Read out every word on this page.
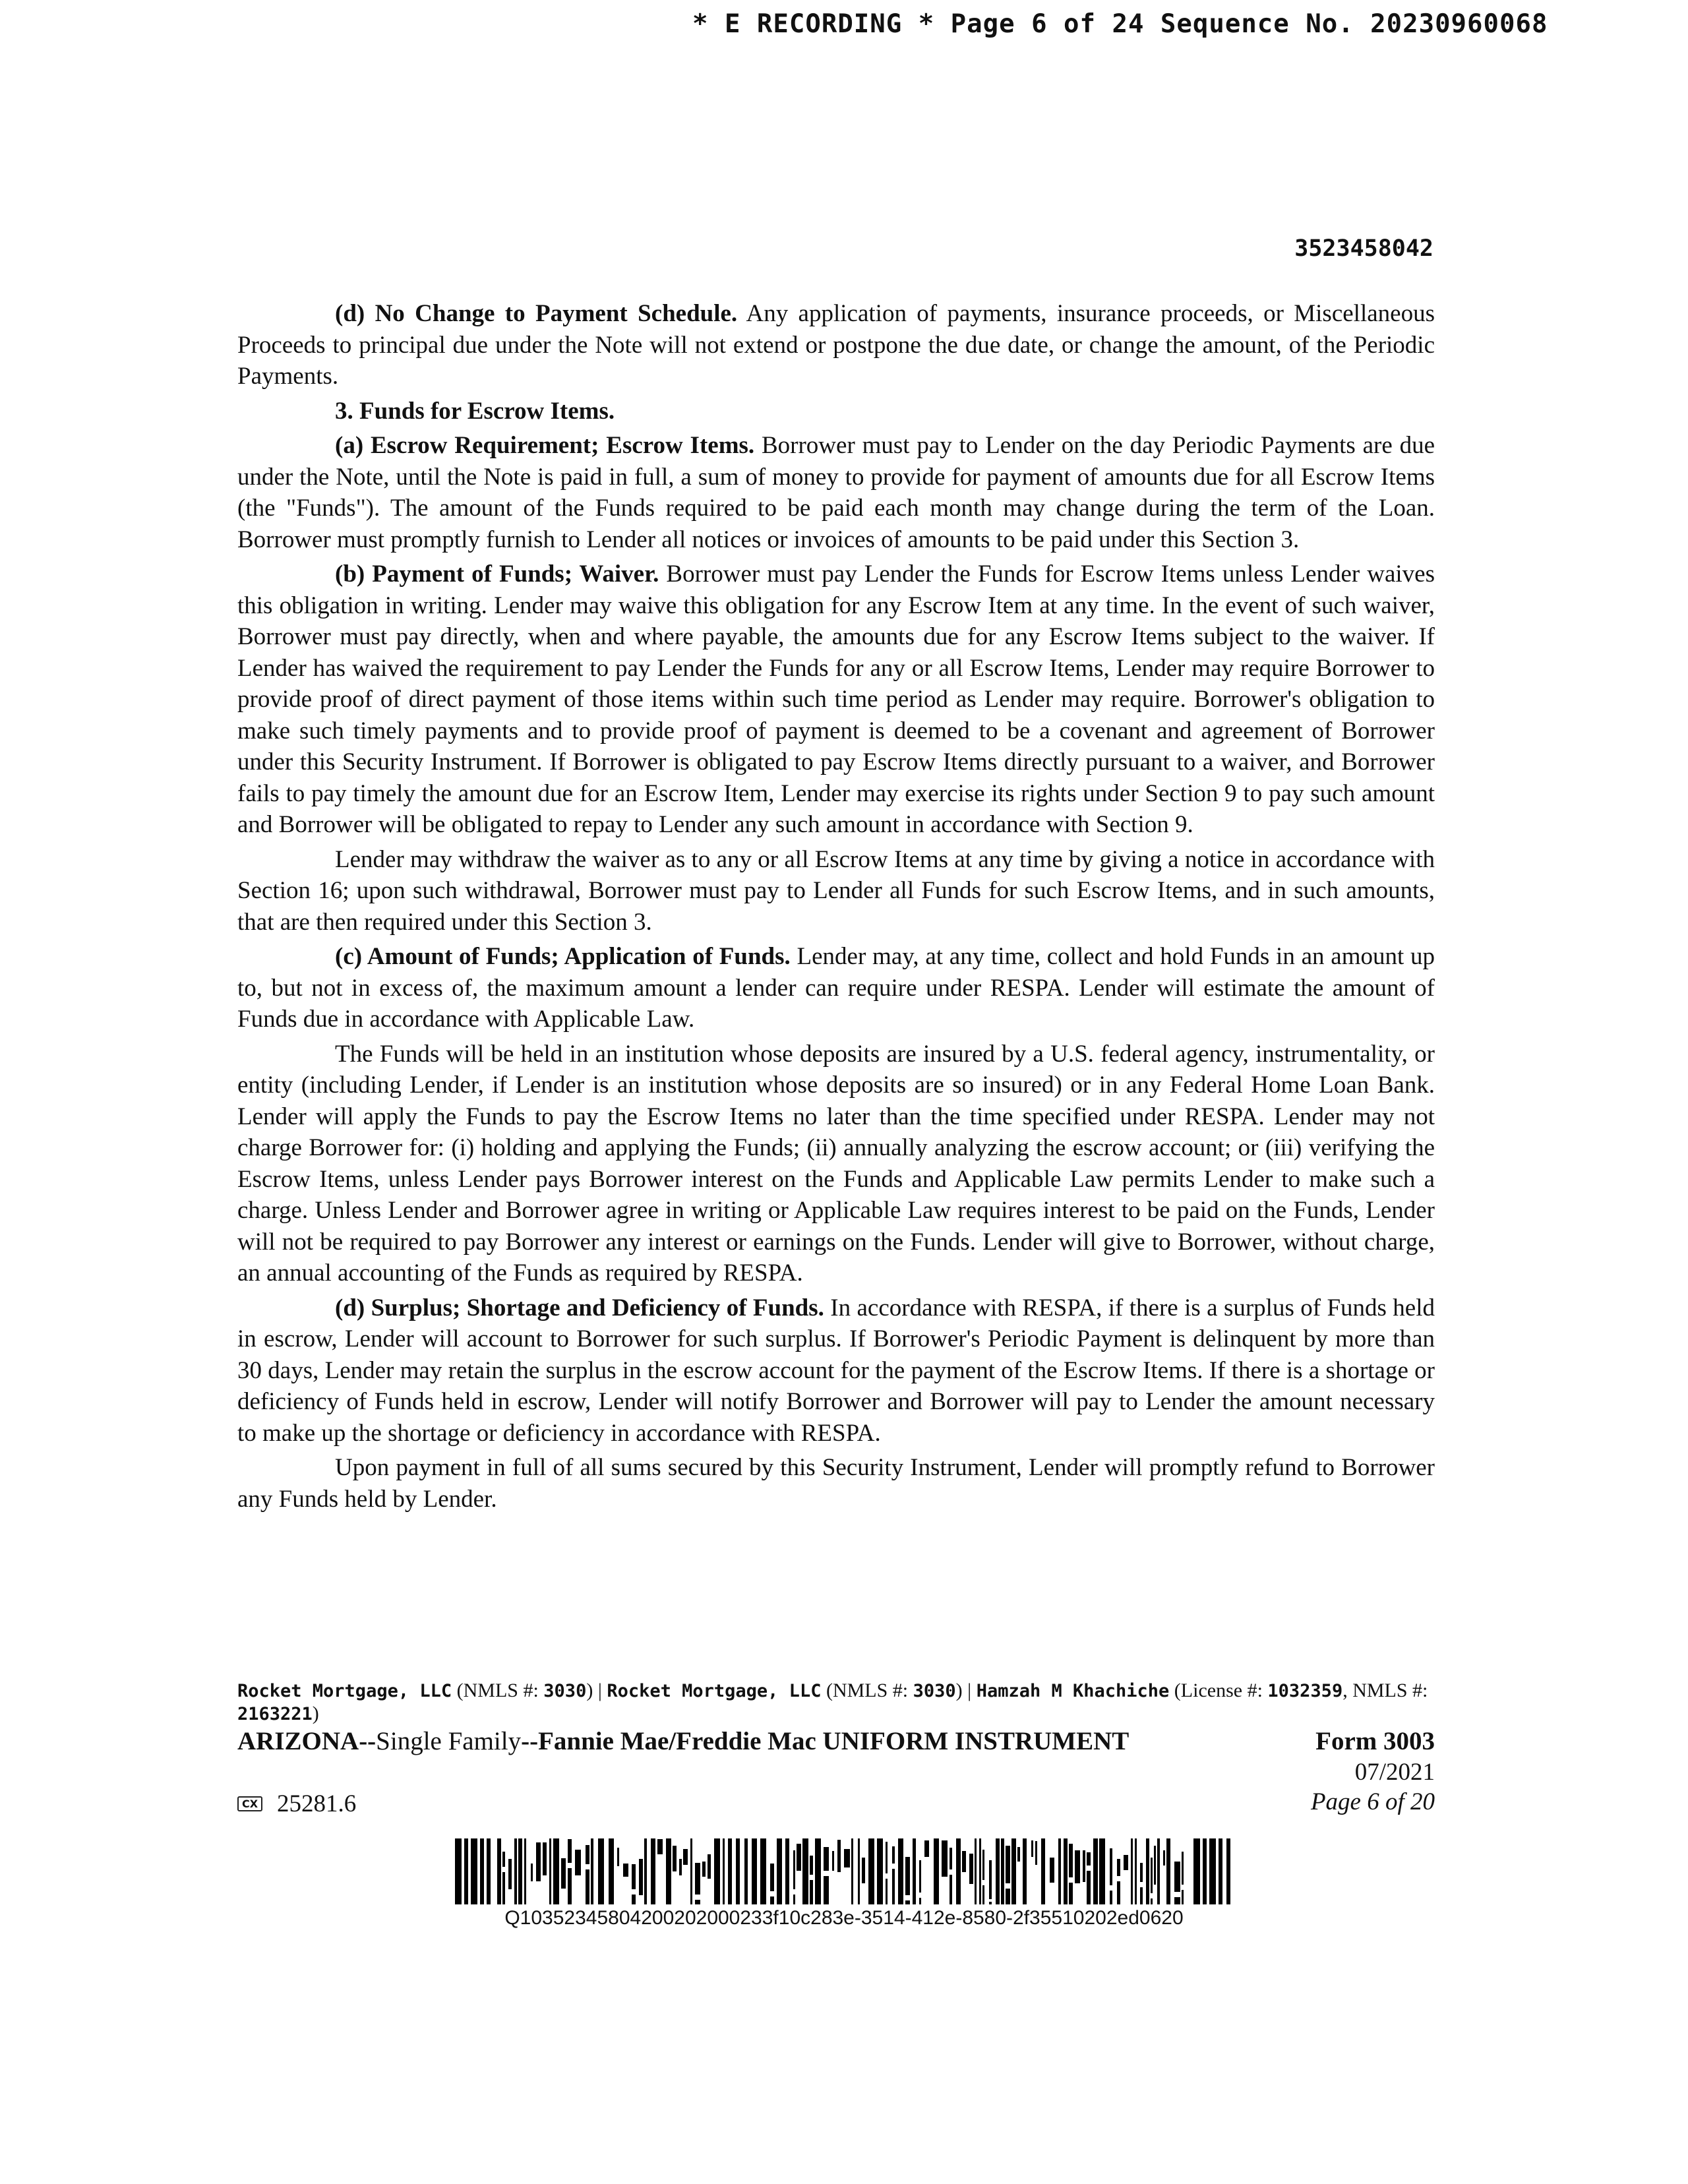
* E RECORDING * Page 6 of 24 Sequence No. 20230960068
3523458042

(d) No Change to Payment Schedule. Any application of payments, insurance proceeds, or Miscellaneous Proceeds to principal due under the Note will not extend or postpone the due date, or change the amount, of the Periodic Payments.

3. Funds for Escrow Items.

(a) Escrow Requirement; Escrow Items. Borrower must pay to Lender on the day Periodic Payments are due under the Note, until the Note is paid in full, a sum of money to provide for payment of amounts due for all Escrow Items (the "Funds"). The amount of the Funds required to be paid each month may change during the term of the Loan. Borrower must promptly furnish to Lender all notices or invoices of amounts to be paid under this Section 3.

(b) Payment of Funds; Waiver. Borrower must pay Lender the Funds for Escrow Items unless Lender waives this obligation in writing. Lender may waive this obligation for any Escrow Item at any time. In the event of such waiver, Borrower must pay directly, when and where payable, the amounts due for any Escrow Items subject to the waiver. If Lender has waived the requirement to pay Lender the Funds for any or all Escrow Items, Lender may require Borrower to provide proof of direct payment of those items within such time period as Lender may require. Borrower's obligation to make such timely payments and to provide proof of payment is deemed to be a covenant and agreement of Borrower under this Security Instrument. If Borrower is obligated to pay Escrow Items directly pursuant to a waiver, and Borrower fails to pay timely the amount due for an Escrow Item, Lender may exercise its rights under Section 9 to pay such amount and Borrower will be obligated to repay to Lender any such amount in accordance with Section 9.

Lender may withdraw the waiver as to any or all Escrow Items at any time by giving a notice in accordance with Section 16; upon such withdrawal, Borrower must pay to Lender all Funds for such Escrow Items, and in such amounts, that are then required under this Section 3.

(c) Amount of Funds; Application of Funds. Lender may, at any time, collect and hold Funds in an amount up to, but not in excess of, the maximum amount a lender can require under RESPA. Lender will estimate the amount of Funds due in accordance with Applicable Law.

The Funds will be held in an institution whose deposits are insured by a U.S. federal agency, instrumentality, or entity (including Lender, if Lender is an institution whose deposits are so insured) or in any Federal Home Loan Bank. Lender will apply the Funds to pay the Escrow Items no later than the time specified under RESPA. Lender may not charge Borrower for: (i) holding and applying the Funds; (ii) annually analyzing the escrow account; or (iii) verifying the Escrow Items, unless Lender pays Borrower interest on the Funds and Applicable Law permits Lender to make such a charge. Unless Lender and Borrower agree in writing or Applicable Law requires interest to be paid on the Funds, Lender will not be required to pay Borrower any interest or earnings on the Funds. Lender will give to Borrower, without charge, an annual accounting of the Funds as required by RESPA.

(d) Surplus; Shortage and Deficiency of Funds. In accordance with RESPA, if there is a surplus of Funds held in escrow, Lender will account to Borrower for such surplus. If Borrower's Periodic Payment is delinquent by more than 30 days, Lender may retain the surplus in the escrow account for the payment of the Escrow Items. If there is a shortage or deficiency of Funds held in escrow, Lender will notify Borrower and Borrower will pay to Lender the amount necessary to make up the shortage or deficiency in accordance with RESPA.

Upon payment in full of all sums secured by this Security Instrument, Lender will promptly refund to Borrower any Funds held by Lender.

Rocket Mortgage, LLC (NMLS #: 3030) | Rocket Mortgage, LLC (NMLS #: 3030) | Hamzah M Khachiche (License #: 1032359, NMLS #: 2163221)
ARIZONA--Single Family--Fannie Mae/Freddie Mac UNIFORM INSTRUMENT	Form 3003
07/2021
Page 6 of 20
CX 25281.6
Q10352345804200202000233f10c283e-3514-412e-8580-2f35510202ed0620
